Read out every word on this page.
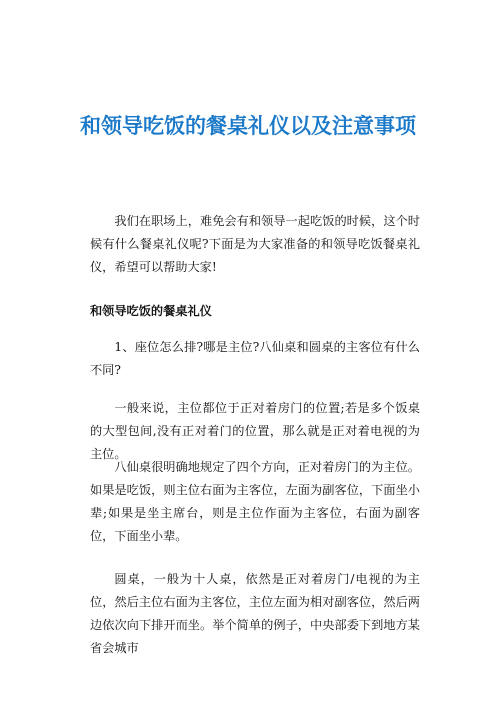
和领导吃饭的餐桌礼仪以及注意事项

我们在职场上，难免会有和领导一起吃饭的时候，这个时候有什么餐桌礼仪呢?下面是为大家准备的和领导吃饭餐桌礼仪，希望可以帮助大家!

和领导吃饭的餐桌礼仪

1、座位怎么排?哪是主位?八仙桌和圆桌的主客位有什么不同?

一般来说，主位都位于正对着房门的位置;若是多个饭桌的大型包间,没有正对着门的位置，那么就是正对着电视的为主位。

八仙桌很明确地规定了四个方向，正对着房门的为主位。如果是吃饭，则主位右面为主客位，左面为副客位，下面坐小辈;如果是坐主席台，则是主位作面为主客位，右面为副客位，下面坐小辈。

圆桌，一般为十人桌，依然是正对着房门/电视的为主位，然后主位右面为主客位，主位左面为相对副客位，然后两边依次向下排开而坐。举个简单的例子，中央部委下到地方某省会城市
